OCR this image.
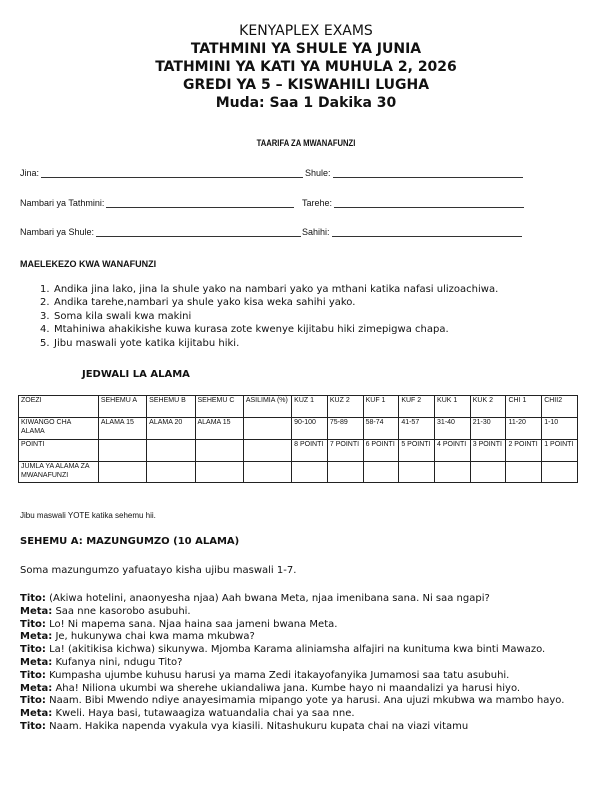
KENYAPLEX EXAMS
TATHMINI YA SHULE YA JUNIA
TATHMINI YA KATI YA MUHULA 2, 2026
GREDI YA 5 – KISWAHILI LUGHA
Muda: Saa 1 Dakika 30
TAARIFA ZA MWANAFUNZI
Jina:	Shule:
Nambari ya Tathmini:	Tarehe:
Nambari ya Shule:	Sahihi:
MAELEKEZO KWA WANAFUNZI
1. Andika jina lako, jina la shule yako na nambari yako ya mthani katika nafasi ulizoachiwa.
2. Andika tarehe,nambari ya shule yako kisa weka sahihi yako.
3. Soma kila swali kwa makini
4. Mtahiniwa ahakikishe kuwa kurasa zote kwenye kijitabu hiki zimepigwa chapa.
5. Jibu maswali yote katika kijitabu hiki.
JEDWALI LA ALAMA
ZOEZI	SEHEMU A	SEHEMU B	SEHEMU C	ASILIMIA (%)	KUZ 1	KUZ 2	KUF 1	KUF 2	KUK 1	KUK 2	CHI 1	CHII2
KIWANGO CHA ALAMA	ALAMA 15	ALAMA 20	ALAMA 15		90-100	75-89	58-74	41-57	31-40	21-30	11-20	1-10
POINTI					8 POINTI	7 POINTI	6 POINTI	5 POINTI	4 POINTI	3 POINTI	2 POINTI	1 POINTI
JUMLA YA ALAMA ZA MWANAFUNZI												
Jibu maswali YOTE katika sehemu hii.
SEHEMU A: MAZUNGUMZO (10 ALAMA)
Soma mazungumzo yafuatayo kisha ujibu maswali 1-7.
Tito: (Akiwa hotelini, anaonyesha njaa) Aah bwana Meta, njaa imenibana sana. Ni saa ngapi?
Meta: Saa nne kasorobo asubuhi.
Tito: Lo! Ni mapema sana. Njaa haina saa jameni bwana Meta.
Meta: Je, hukunywa chai kwa mama mkubwa?
Tito: La! (akitikisa kichwa) sikunywa. Mjomba Karama aliniamsha alfajiri na kunituma kwa binti Mawazo.
Meta: Kufanya nini, ndugu Tito?
Tito: Kumpasha ujumbe kuhusu harusi ya mama Zedi itakayofanyika Jumamosi saa tatu asubuhi.
Meta: Aha! Niliona ukumbi wa sherehe ukiandaliwa jana. Kumbe hayo ni maandalizi ya harusi hiyo.
Tito: Naam. Bibi Mwendo ndiye anayesimamia mipango yote ya harusi. Ana ujuzi mkubwa wa mambo hayo.
Meta: Kweli. Haya basi, tutawaagiza watuandalia chai ya saa nne.
Tito: Naam. Hakika napenda vyakula vya kiasili. Nitashukuru kupata chai na viazi vitamu
